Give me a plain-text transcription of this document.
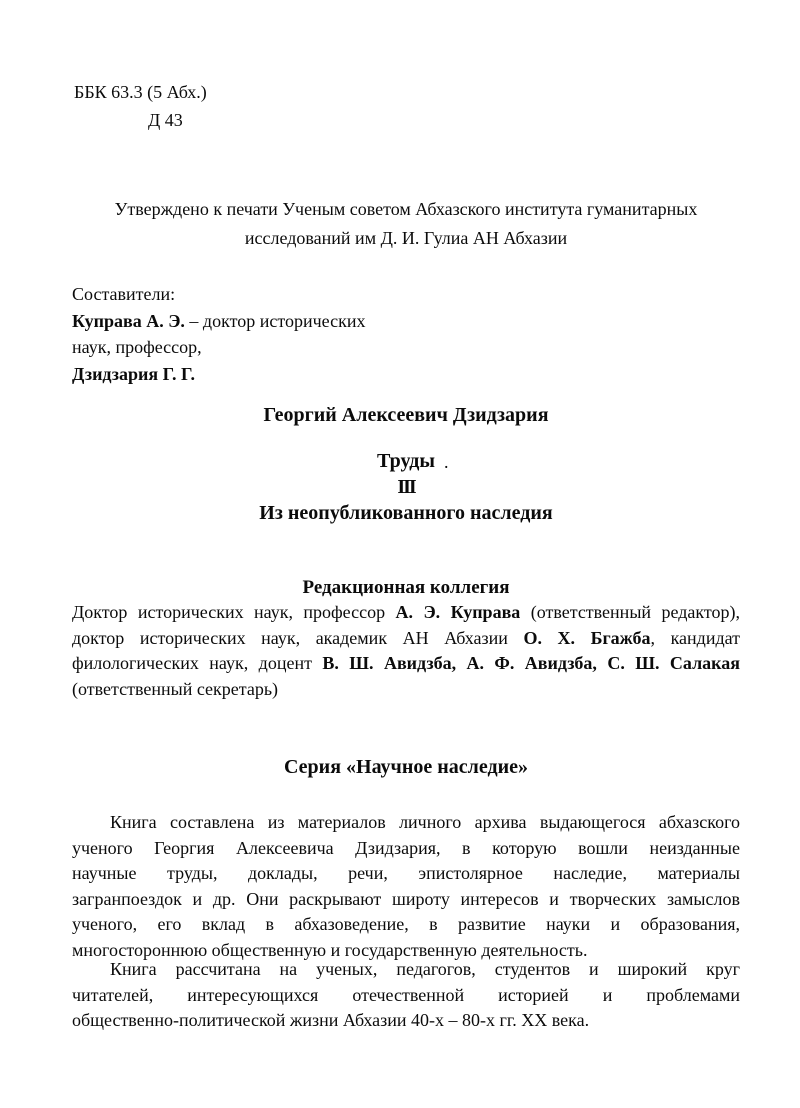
ББК 63.3 (5 Абх.)
Д 43
Утверждено к печати Ученым советом Абхазского института гуманитарных
исследований им Д. И. Гулиа АН Абхазии
Составители:
Куправа А. Э. – доктор исторических
наук, профессор,
Дзидзария Г. Г.
Георгий Алексеевич Дзидзария
Труды .
III
Из неопубликованного наследия
Редакционная коллегия
Доктор исторических наук, профессор А. Э. Куправа (ответственный редактор),
доктор исторических наук, академик АН Абхазии О. Х. Бгажба, кандидат
филологических наук, доцент В. Ш. Авидзба, А. Ф. Авидзба, С. Ш. Салакая
(ответственный секретарь)
Серия «Научное наследие»
Книга составлена из материалов личного архива выдающегося абхазского
ученого Георгия Алексеевича Дзидзария, в которую вошли неизданные
научные труды, доклады, речи, эпистолярное наследие, материалы
загранпоездок и др. Они раскрывают широту интересов и творческих замыслов
ученого, его вклад в абхазоведение, в развитие науки и образования,
многостороннюю общественную и государственную деятельность.
Книга рассчитана на ученых, педагогов, студентов и широкий круг
читателей, интересующихся отечественной историей и проблемами
общественно-политической жизни Абхазии 40-х – 80-х гг. XX века.
